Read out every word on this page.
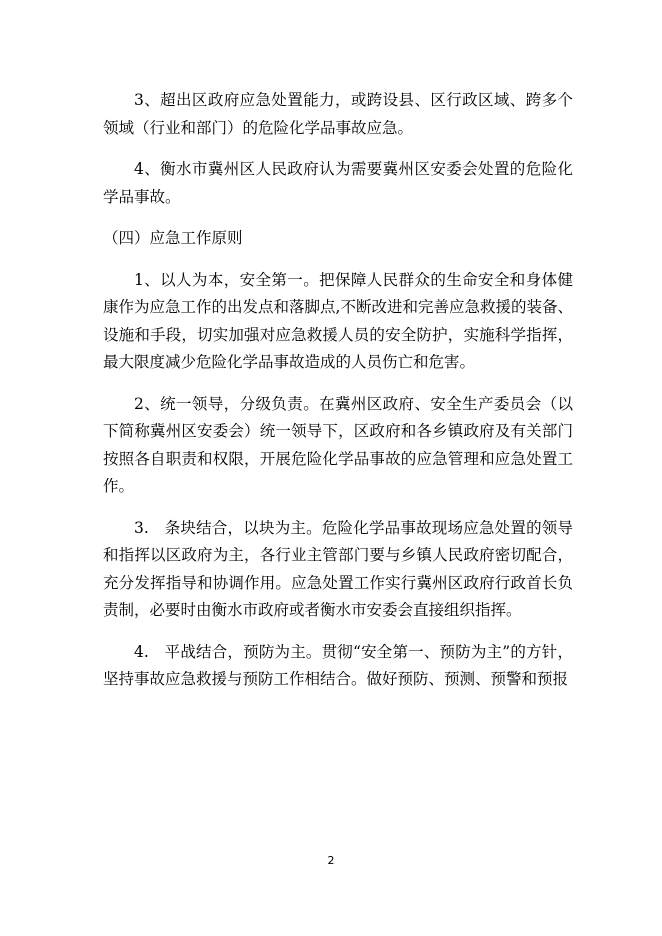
3、超出区政府应急处置能力，或跨设县、区行政区域、跨多个领域（行业和部门）的危险化学品事故应急。

4、衡水市冀州区人民政府认为需要冀州区安委会处置的危险化学品事故。

（四）应急工作原则

1、以人为本，安全第一。把保障人民群众的生命安全和身体健康作为应急工作的出发点和落脚点,不断改进和完善应急救援的装备、设施和手段，切实加强对应急救援人员的安全防护，实施科学指挥，最大限度减少危险化学品事故造成的人员伤亡和危害。

2、统一领导，分级负责。在冀州区政府、安全生产委员会（以下简称冀州区安委会）统一领导下，区政府和各乡镇政府及有关部门按照各自职责和权限，开展危险化学品事故的应急管理和应急处置工作。

3.　条块结合，以块为主。危险化学品事故现场应急处置的领导和指挥以区政府为主，各行业主管部门要与乡镇人民政府密切配合，充分发挥指导和协调作用。应急处置工作实行冀州区政府行政首长负责制，必要时由衡水市政府或者衡水市安委会直接组织指挥。

4.　平战结合，预防为主。贯彻“安全第一、预防为主”的方针，坚持事故应急救援与预防工作相结合。做好预防、预测、预警和预报

2
